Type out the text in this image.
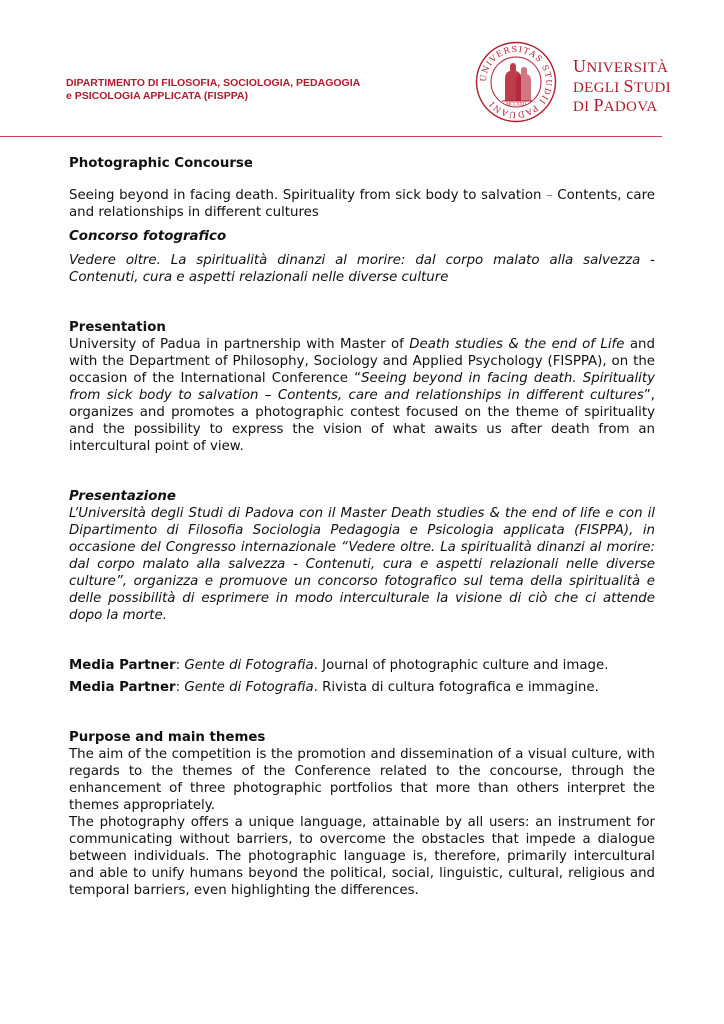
DIPARTIMENTO DI FILOSOFIA, SOCIOLOGIA, PEDAGOGIA
e PSICOLOGIA APPLICATA (FISPPA)
UNIVERSITAS STUDII PADUANI	MCCXXII
UNIVERSITÀ
DEGLI STUDI
DI PADOVA

Photographic Concourse

Seeing beyond in facing death. Spirituality from sick body to salvation – Contents, care and relationships in different cultures

Concorso fotografico

Vedere oltre. La spiritualità dinanzi al morire: dal corpo malato alla salvezza - Contenuti, cura e aspetti relazionali nelle diverse culture

Presentation

University of Padua in partnership with Master of Death studies & the end of Life and with the Department of Philosophy, Sociology and Applied Psychology (FISPPA), on the occasion of the International Conference “Seeing beyond in facing death. Spirituality from sick body to salvation – Contents, care and relationships in different cultures”, organizes and promotes a photographic contest focused on the theme of spirituality and the possibility to express the vision of what awaits us after death from an intercultural point of view.

Presentazione

L’Università degli Studi di Padova con il Master Death studies & the end of life e con il Dipartimento di Filosofia Sociologia Pedagogia e Psicologia applicata (FISPPA), in occasione del Congresso internazionale “Vedere oltre. La spiritualità dinanzi al morire: dal corpo malato alla salvezza - Contenuti, cura e aspetti relazionali nelle diverse culture”, organizza e promuove un concorso fotografico sul tema della spiritualità e delle possibilità di esprimere in modo interculturale la visione di ciò che ci attende dopo la morte.

Media Partner: Gente di Fotografia. Journal of photographic culture and image.

Media Partner: Gente di Fotografia. Rivista di cultura fotografica e immagine.

Purpose and main themes

The aim of the competition is the promotion and dissemination of a visual culture, with regards to the themes of the Conference related to the concourse, through the enhancement of three photographic portfolios that more than others interpret the themes appropriately.

The photography offers a unique language, attainable by all users: an instrument for communicating without barriers, to overcome the obstacles that impede a dialogue between individuals. The photographic language is, therefore, primarily intercultural and able to unify humans beyond the political, social, linguistic, cultural, religious and temporal barriers, even highlighting the differences.
